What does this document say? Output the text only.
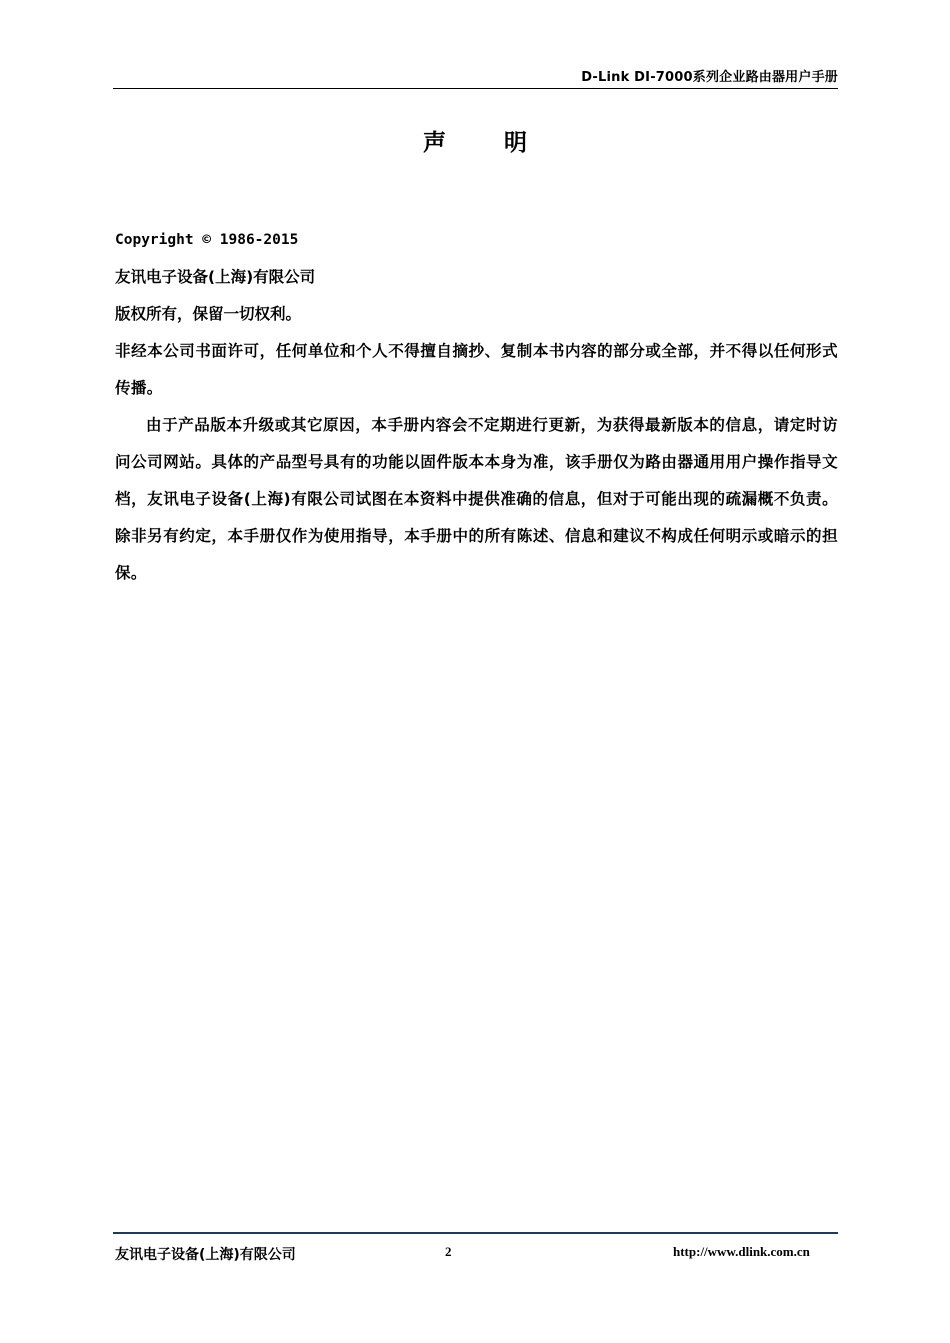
D-Link DI-7000系列企业路由器用户手册
声明

Copyright © 1986-2015

友讯电子设备(上海)有限公司

版权所有，保留一切权利。

非经本公司书面许可，任何单位和个人不得擅自摘抄、复制本书内容的部分或全部，并不得以任何形式传播。

由于产品版本升级或其它原因，本手册内容会不定期进行更新，为获得最新版本的信息，请定时访问公司网站。具体的产品型号具有的功能以固件版本本身为准，该手册仅为路由器通用用户操作指导文档，友讯电子设备(上海)有限公司试图在本资料中提供准确的信息，但对于可能出现的疏漏概不负责。除非另有约定，本手册仅作为使用指导，本手册中的所有陈述、信息和建议不构成任何明示或暗示的担保。

友讯电子设备(上海)有限公司	2	http://www.dlink.com.cn
